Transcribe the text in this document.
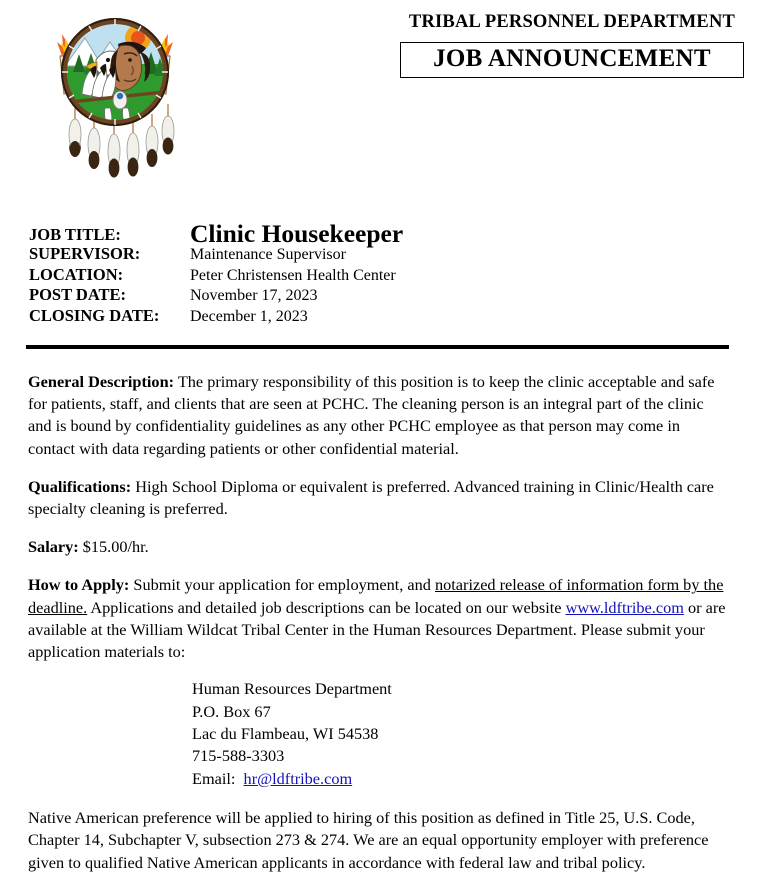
TRIBAL PERSONNEL DEPARTMENT
JOB ANNOUNCEMENT
JOB TITLE:	Clinic Housekeeper
SUPERVISOR:	Maintenance Supervisor
LOCATION:	Peter Christensen Health Center
POST DATE:	November 17, 2023
CLOSING DATE:	December 1, 2023

General Description: The primary responsibility of this position is to keep the clinic acceptable and safe for patients, staff, and clients that are seen at PCHC. The cleaning person is an integral part of the clinic and is bound by confidentiality guidelines as any other PCHC employee as that person may come in contact with data regarding patients or other confidential material.

Qualifications: High School Diploma or equivalent is preferred. Advanced training in Clinic/Health care specialty cleaning is preferred.

Salary: $15.00/hr.

How to Apply: Submit your application for employment, and notarized release of information form by the deadline. Applications and detailed job descriptions can be located on our website www.ldftribe.com or are available at the William Wildcat Tribal Center in the Human Resources Department. Please submit your application materials to:

Human Resources Department
P.O. Box 67
Lac du Flambeau, WI 54538
715-588-3303
Email:  hr@ldftribe.com

Native American preference will be applied to hiring of this position as defined in Title 25, U.S. Code, Chapter 14, Subchapter V, subsection 273 & 274. We are an equal opportunity employer with preference given to qualified Native American applicants in accordance with federal law and tribal policy.
